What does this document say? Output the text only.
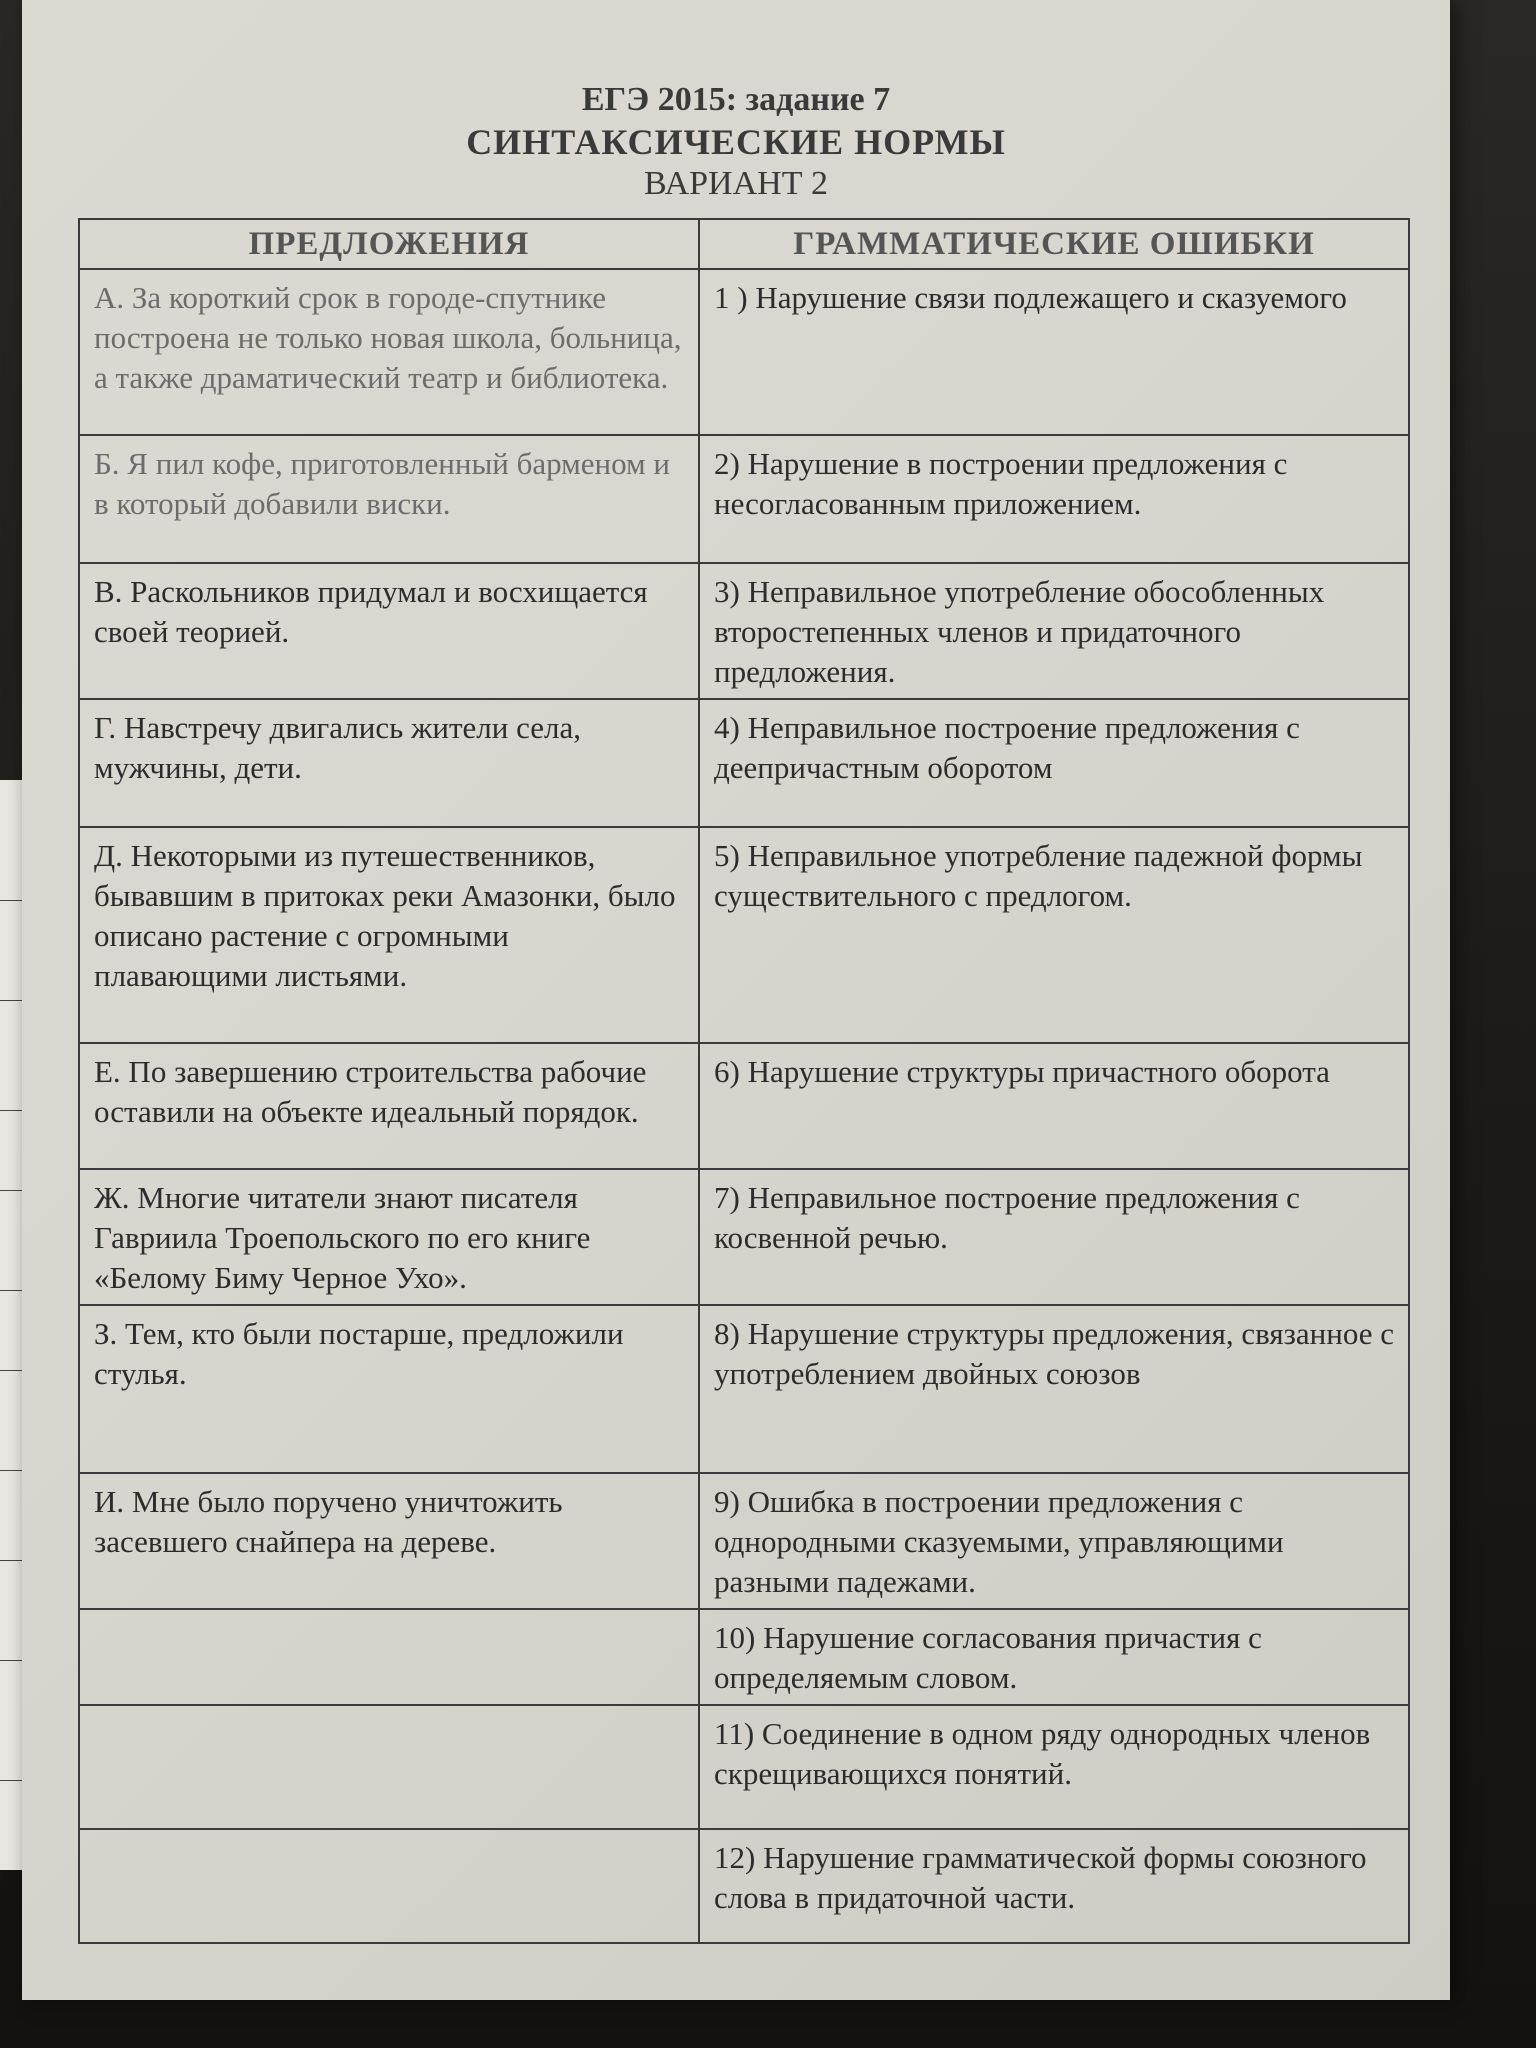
ЕГЭ 2015: задание 7
СИНТАКСИЧЕСКИЕ НОРМЫ
ВАРИАНТ 2
ПРЕДЛОЖЕНИЯ	ГРАММАТИЧЕСКИЕ ОШИБКИ
А. За короткий срок в городе-спутнике построена не только новая школа, больница, а также драматический театр и библиотека.	1 ) Нарушение связи подлежащего и сказуемого
Б. Я пил кофе, приготовленный барменом и в который добавили виски.	2) Нарушение в построении предложения с несогласованным приложением.
В. Раскольников придумал и восхищается своей теорией.	3) Неправильное употребление обособленных второстепенных членов и придаточного предложения.
Г. Навстречу двигались жители села, мужчины, дети.	4) Неправильное построение предложения с деепричастным оборотом
Д. Некоторыми из путешественников, бывавшим в притоках реки Амазонки, было описано растение с огромными плавающими листьями.	5) Неправильное употребление падежной формы существительного с предлогом.
Е. По завершению строительства рабочие оставили на объекте идеальный порядок.	6) Нарушение структуры причастного оборота
Ж. Многие читатели знают писателя Гавриила Троепольского по его книге «Белому Биму Черное Ухо».	7) Неправильное построение предложения с косвенной речью.
З. Тем, кто были постарше, предложили стулья.	8) Нарушение структуры предложения, связанное с употреблением двойных союзов
И. Мне было поручено уничтожить засевшего снайпера на дереве.	9) Ошибка в построении предложения с однородными сказуемыми, управляющими разными падежами.
	10) Нарушение согласования причастия с определяемым словом.
	11) Соединение в одном ряду однородных членов скрещивающихся понятий.
	12) Нарушение грамматической формы союзного слова в придаточной части.
